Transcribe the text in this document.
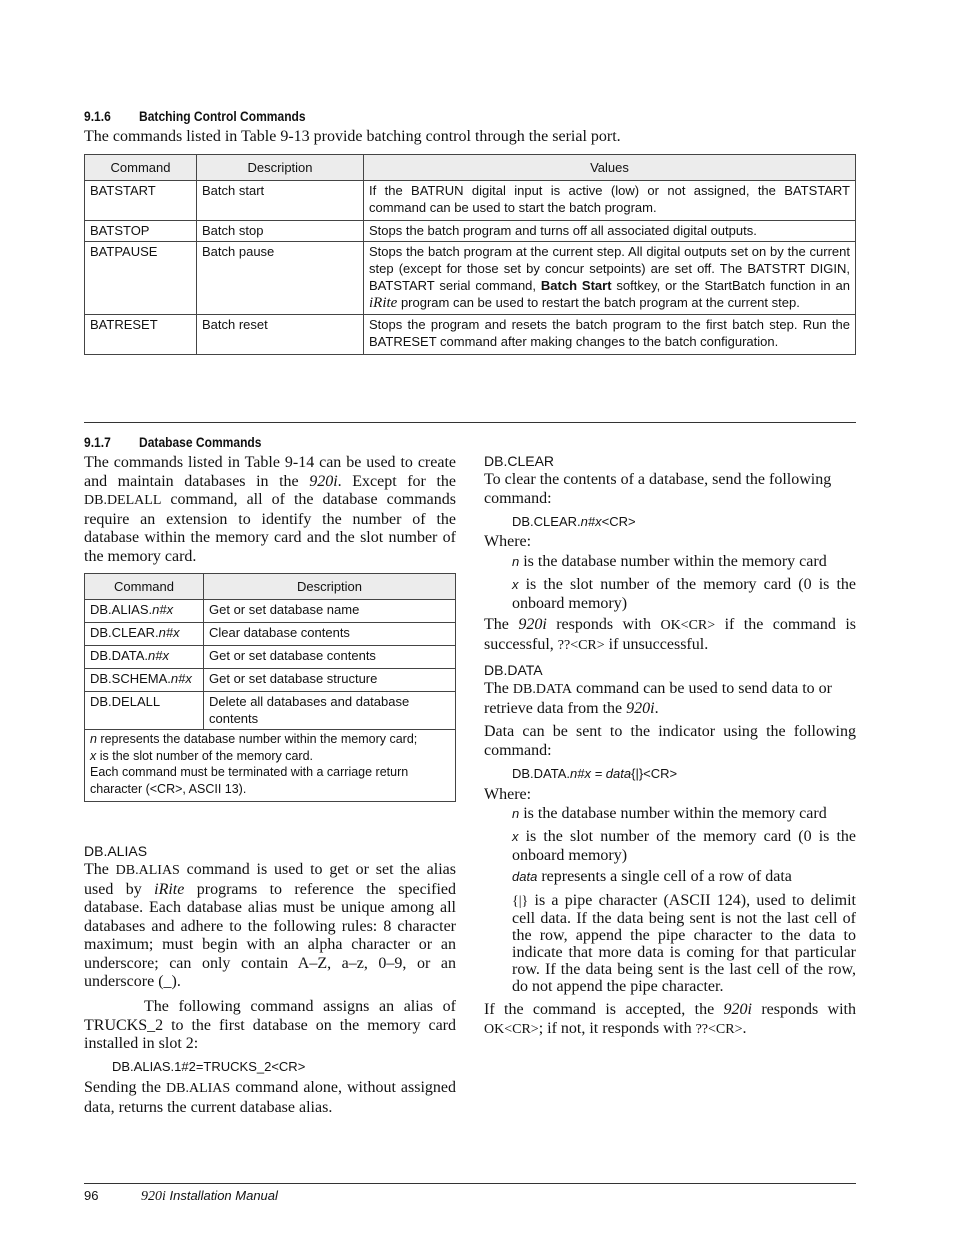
9.1.6 Batching Control Commands
The commands listed in Table 9-13 provide batching control through the serial port.
Command	Description	Values
BATSTART	Batch start	If the BATRUN digital input is active (low) or not assigned, the BATSTART command can be used to start the batch program.
BATSTOP	Batch stop	Stops the batch program and turns off all associated digital outputs.
BATPAUSE	Batch pause	Stops the batch program at the current step. All digital outputs set on by the current step (except for those set by concur setpoints) are set off. The BATSTRT DIGIN, BATSTART serial command, Batch Start softkey, or the StartBatch function in an iRite program can be used to restart the batch program at the current step.
BATRESET	Batch reset	Stops the program and resets the batch program to the first batch step. Run the BATRESET command after making changes to the batch configuration.
9.1.7 Database Commands
The commands listed in Table 9-14 can be used to create and maintain databases in the 920i. Except for the DB.DELALL command, all of the database commands require an extension to identify the number of the database within the memory card and the slot number of the memory card.
Command	Description
DB.ALIAS.n#x	Get or set database name
DB.CLEAR.n#x	Clear database contents
DB.DATA.n#x	Get or set database contents
DB.SCHEMA.n#x	Get or set database structure
DB.DELALL	Delete all databases and database contents

n represents the database number within the memory card;
x is the slot number of the memory card.
Each command must be terminated with a carriage return character (<CR>, ASCII 13).	
DB.ALIAS
The DB.ALIAS command is used to get or set the alias used by iRite programs to reference the specified database. Each database alias must be unique among all databases and adhere to the following rules: 8 character maximum; must begin with an alpha character or an underscore; can only contain A–Z, a–z, 0–9, or an underscore (_).
The following command assigns an alias of TRUCKS_2 to the first database on the memory card installed in slot 2:
DB.ALIAS.1#2=TRUCKS_2<CR>
Sending the DB.ALIAS command alone, without assigned data, returns the current database alias.
DB.CLEAR
To clear the contents of a database, send the following command:
DB.CLEAR.n#x<CR>
Where:
n is the database number within the memory card
x is the slot number of the memory card (0 is the onboard memory)
The 920i responds with OK<CR> if the command is successful, ??<CR> if unsuccessful.
DB.DATA
The DB.DATA command can be used to send data to or retrieve data from the 920i.
Data can be sent to the indicator using the following command:
DB.DATA.n#x = data{|}<CR>
Where:
n is the database number within the memory card
x is the slot number of the memory card (0 is the onboard memory)
data represents a single cell of a row of data
{|} is a pipe character (ASCII 124), used to delimit cell data. If the data being sent is not the last cell of the row, append the pipe character to the data to indicate that more data is coming for that particular row. If the data being sent is the last cell of the row, do not append the pipe character.
If the command is accepted, the 920i responds with OK<CR>; if not, it responds with ??<CR>.
96	920i Installation Manual
